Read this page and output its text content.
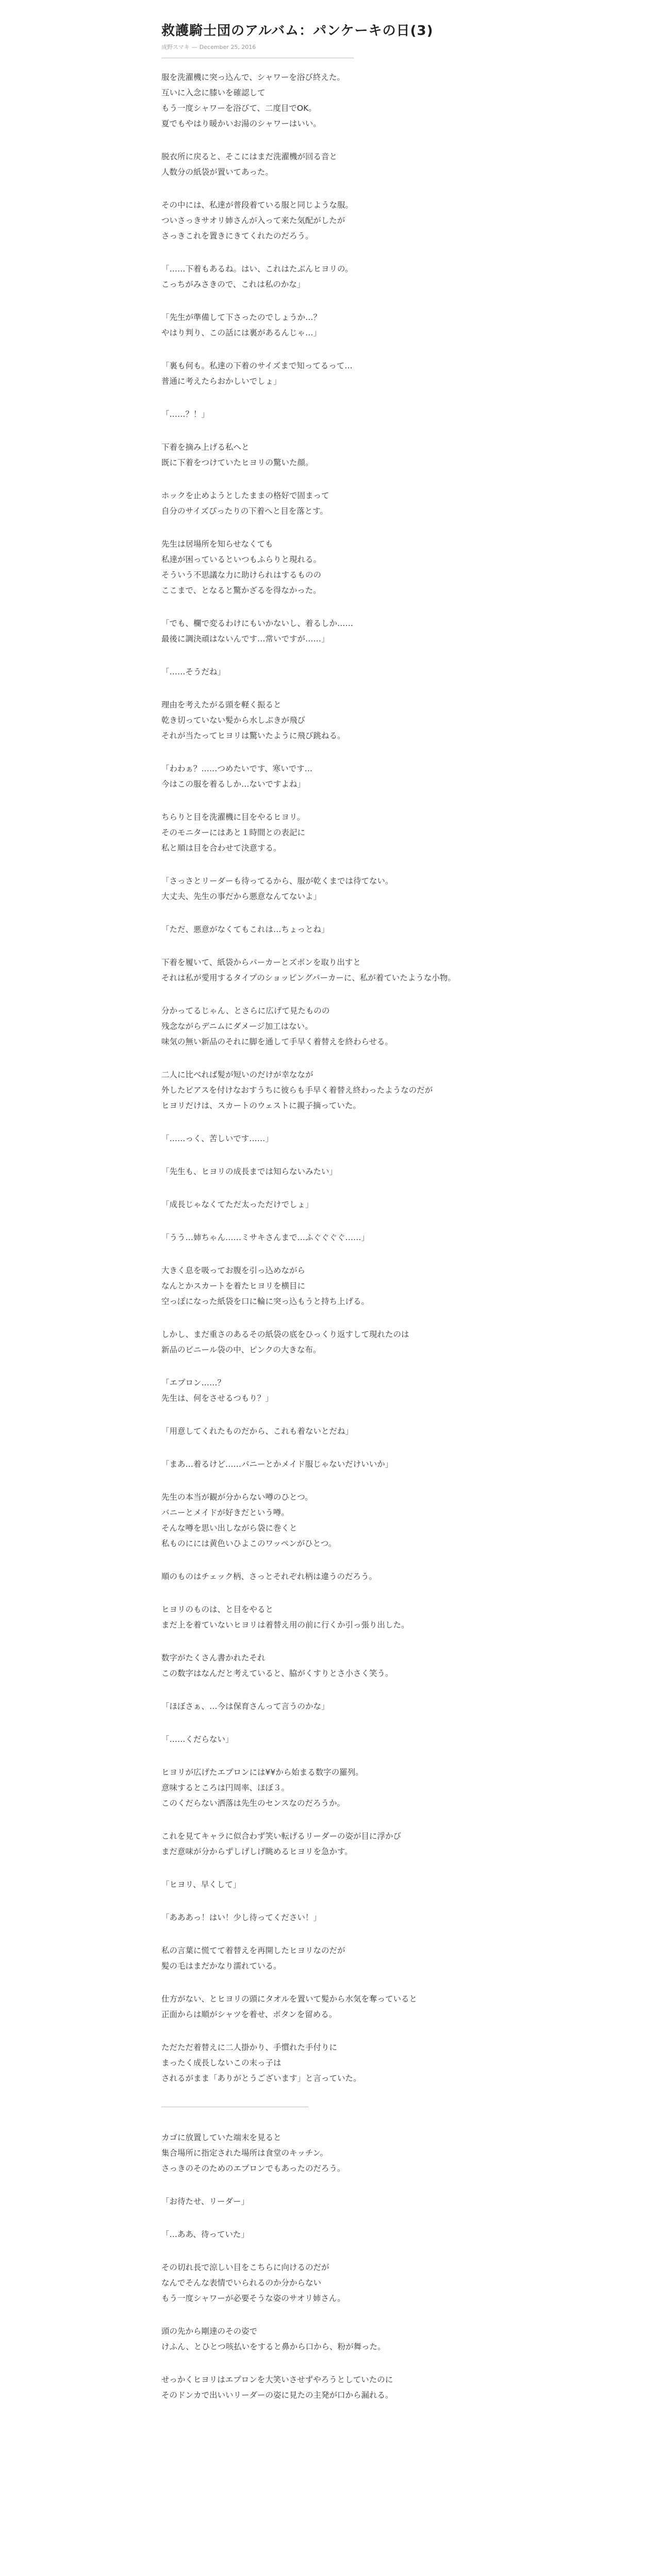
救護騎士団のアルバム：パンケーキの日(3)
成野スマキ — December 25, 2016
服を洗濯機に突っ込んで、シャワーを浴び終えた。
互いに入念に膝いを確認して
もう一度シャワーを浴びて、二度目でOK。
夏でもやはり暖かいお湯のシャワーはいい。
脱衣所に戻ると、そこにはまだ洗濯機が回る音と
人数分の紙袋が置いてあった。
その中には、私達が普段着ている服と同じような服。
ついさっきサオリ姉さんが入って来た気配がしたが
さっきこれを置きにきてくれたのだろう。
「……下着もあるね。はい、これはたぶんヒヨリの。
こっちがみさきので、これは私のかな」
「先生が準備して下さったのでしょうか…？
やはり判り、この話には裏があるんじゃ…」
「裏も何も。私達の下着のサイズまで知ってるって…
普通に考えたらおかしいでしょ」
「……？！」
下着を摘み上げる私へと
既に下着をつけていたヒヨリの驚いた顔。
ホックを止めようとしたままの格好で固まって
自分のサイズぴったりの下着へと目を落とす。
先生は居場所を知らせなくても
私達が困っているといつもふらりと現れる。
そういう不思議な力に助けられはするものの
ここまで、となると驚かざるを得なかった。
「でも、欄で変るわけにもいかないし、着るしか……
最後に調決頑はないんです…常いですが……」
「……そうだね」
理由を考えたがる頭を軽く振ると
乾き切っていない髪から水しぶきが飛び
それが当たってヒヨリは驚いたように飛び跳ねる。
「わわぁ？……つめたいです、寒いです…
今はこの服を着るしか…ないですよね」
ちらりと目を洗濯機に目をやるヒヨリ。
そのモニターにはあと１時間との表記に
私と順は目を合わせて決意する。
「さっさとリーダーも待ってるから、服が乾くまでは待てない。
大丈夫、先生の事だから悪意なんてないよ」
「ただ、悪意がなくてもこれは…ちょっとね」
下着を履いて、紙袋からパーカーとズボンを取り出すと
それは私が愛用するタイプのショッピングパーカーに、私が着ていたような小物。
分かってるじゃん、とさらに広げて見たものの
残念ながらデニムにダメージ加工はない。
味気の無い新品のそれに脚を通して手早く着替えを終わらせる。
二人に比べれば髪が短いのだけが幸ななが
外したピアスを付けなおすうちに彼らも手早く着替え終わったようなのだが
ヒヨリだけは、スカートのウェストに親子摘っていた。
「……っく、苦しいです……」
「先生も、ヒヨリの成長までは知らないみたい」
「成長じゃなくてただ太っただけでしょ」
「うう…姉ちゃん……ミサキさんまで…ふぐぐぐぐ……」
大きく息を吸ってお腹を引っ込めながら
なんとかスカートを着たヒヨリを横目に
空っぽになった紙袋を口に輪に突っ込もうと持ち上げる。
しかし、まだ重さのあるその紙袋の底をひっくり返すして現れたのは
新品のビニール袋の中、ピンクの大きな布。
「エプロン……？
先生は、何をさせるつもり？」
「用意してくれたものだから、これも着ないとだね」
「まあ…着るけど……パニーとかメイド服じゃないだけいいか」
先生の本当が観が分からない噂のひとつ。
バニーとメイドが好きだという噂。
そんな噂を思い出しながら袋に巻くと
私ものにには黄色いひよこのワッペンがひとつ。
順のものはチェック柄、さっとそれぞれ柄は違うのだろう。
ヒヨリのものは、と目をやると
まだ上を着ていないヒヨリは着替え用の前に行くか引っ張り出した。
数字がたくさん書かれたそれ
この数字はなんだと考えていると、脇がくすりとさ小さく笑う。
「ほぼさぁ、…今は保育さんって言うのかな」
「……くだらない」
ヒヨリが広げたエプロンには¥¥から始まる数字の羅列。
意味するところは円周率、ほぼ３。
このくだらない洒落は先生のセンスなのだろうか。
これを見てキャラに似合わず笑い転げるリーダーの姿が目に浮かび
まだ意味が分からずしげしげ眺めるヒヨリを急かす。
「ヒヨリ、早くして」
「あああっ！はい！少し待ってください！」
私の言葉に慌てて着替えを再開したヒヨリなのだが
髪の毛はまだかなり濡れている。
仕方がない、とヒヨリの頭にタオルを置いて髪から水気を奪っていると
正面からは順がシャツを着せ、ボタンを留める。
ただただ着替えに二人掛かり、手慣れた手付りに
まったく成長しないこの末っ子は
されるがまま「ありがとうございます」と言っていた。
カゴに放置していた端末を見ると
集合場所に指定された場所は食堂のキッチン。
さっきのそのためのエプロンでもあったのだろう。
「お待たせ、リーダー」
「…ああ、待っていた」
その切れ長で涼しい目をこちらに向けるのだが
なんでそんな表情でいられるのか分からない
もう一度シャワーが必要そうな姿のサオリ姉さん。
頭の先から剛達のその姿で
けふん、とひとつ咳払いをすると鼻から口から、粉が舞った。
せっかくヒヨリはエプロンを大笑いさせずやろうとしていたのに
そのドンカで出いいリーダーの姿に見たの主発が口から漏れる。
